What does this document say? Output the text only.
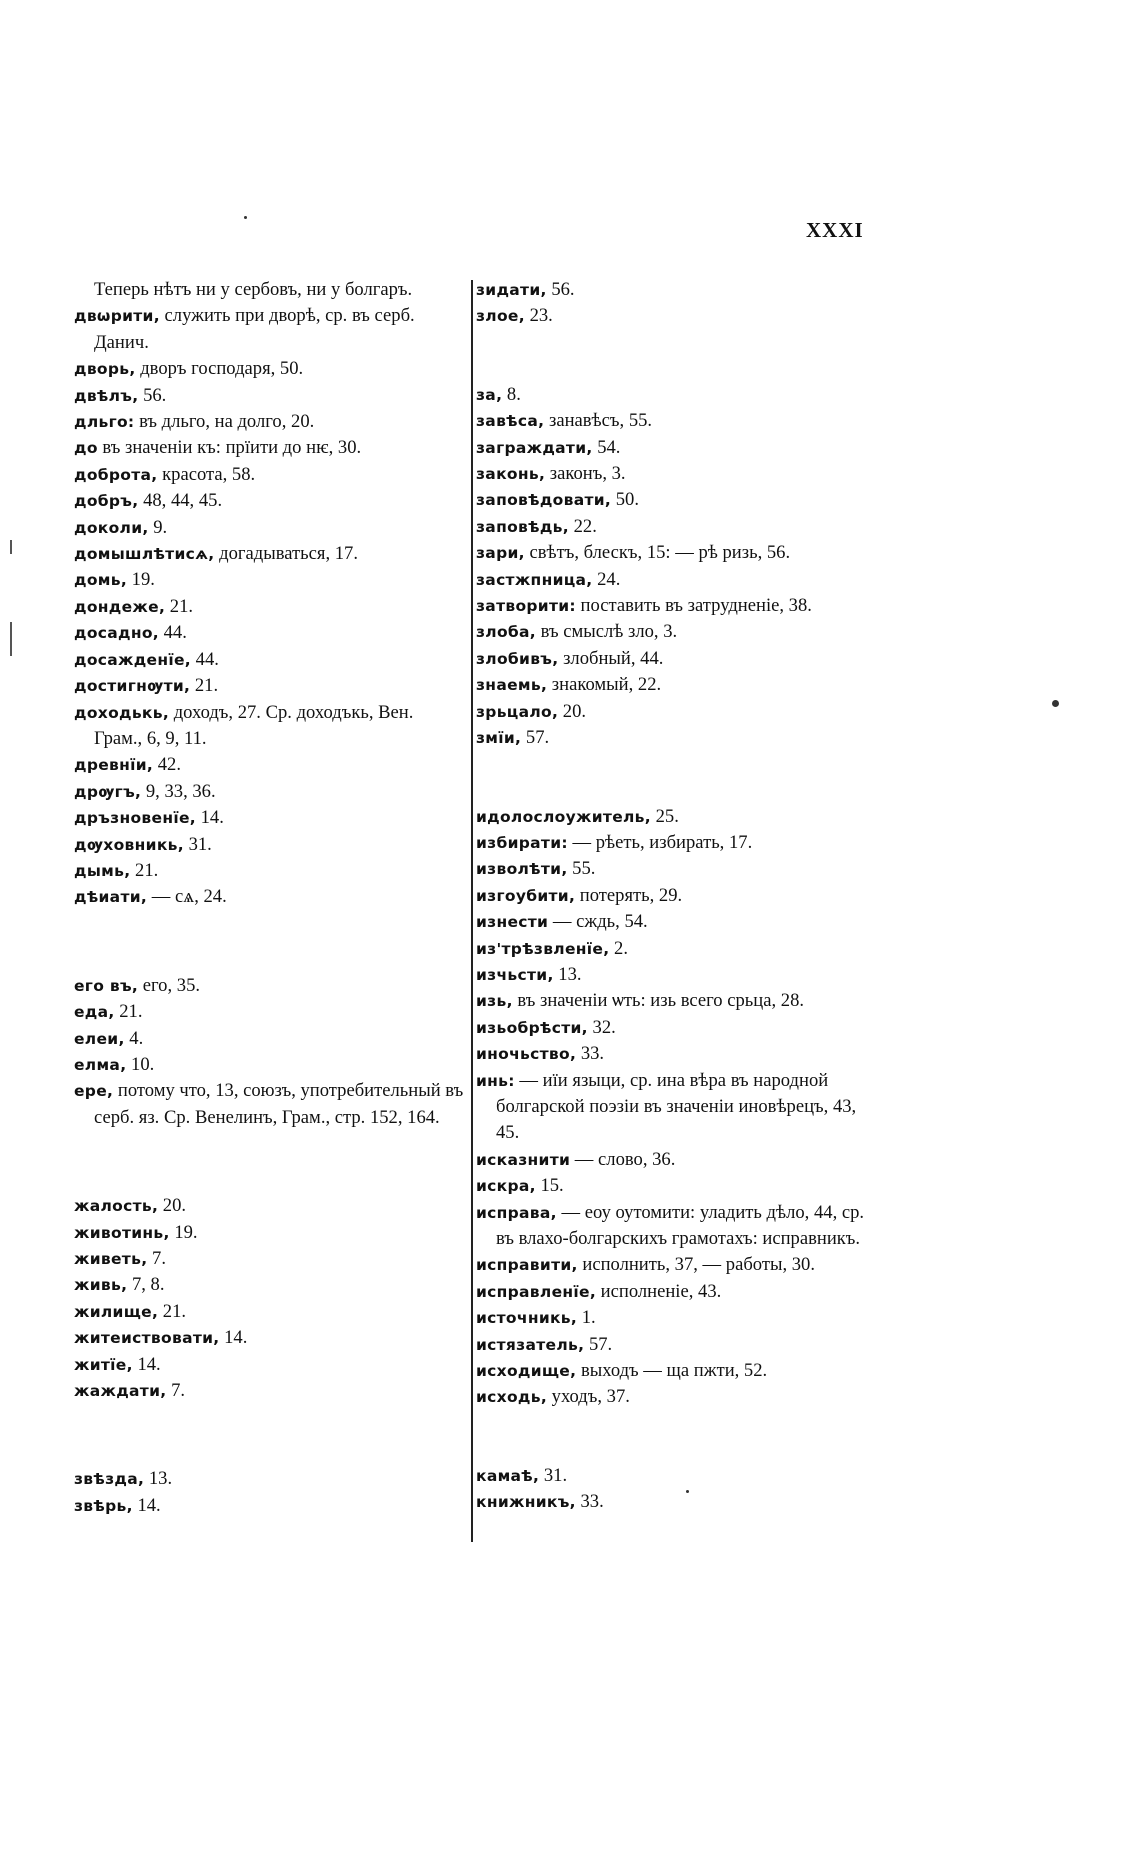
XXXI

Теперь нѣтъ ни у сербовъ, ни у болгаръ.

двѡрити, служить при дворѣ, ср. въ серб. Данич.

дворь, дворъ господаря, 50.

двѣлъ, 56.

дльго: въ дльго, на долго, 20.

до въ значеніи къ: прїити до нѥ, 30.

доброта, красота, 58.

добръ, 48, 44, 45.

доколи, 9.

домышлѣтисѧ, догадываться, 17.

домь, 19.

дондеже, 21.

досадно, 44.

досажденїе, 44.

достигнѹти, 21.

доходькь, доходъ, 27. Ср. доходъкь, Вен. Грам., 6, 9, 11.

древнїи, 42.

дрѹгъ, 9, 33, 36.

дръзновенїе, 14.

дѹховникь, 31.

дымь, 21.

дѣиати, — сѧ, 24.

его въ, его, 35.

еда, 21.

елеи, 4.

елма, 10.

ере, потому что, 13, союзъ, употребительный въ серб. яз. Ср. Венелинъ, Грам., стр. 152, 164.

жалость, 20.

животинь, 19.

живеть, 7.

живь, 7, 8.

жилище, 21.

житеиствовати, 14.

житїе, 14.

жаждати, 7.

звѣзда, 13.

звѣрь, 14.

зидати, 56.

злое, 23.

за, 8.

завѣса, занавѣсъ, 55.

заграждати, 54.

законь, законъ, 3.

заповѣдовати, 50.

заповѣдь, 22.

зари, свѣтъ, блескъ, 15: — рѣ ризь, 56.

застжпница, 24.

затворити: поставить въ затрудненіе, 38.

злоба, въ смыслѣ зло, 3.

злобивъ, злобный, 44.

знаемь, знакомый, 22.

зрьцало, 20.

змїи, 57.

идолослоужитель, 25.

избирати: — рѣеть, избирать, 17.

изволѣти, 55.

изгоубити, потерять, 29.

изнести — сждь, 54.

из'трѣзвленїе, 2.

изчьсти, 13.

изь, въ значеніи ѡть: изь всего срьца, 28.

изьобрѣсти, 32.

иночьство, 33.

инь: — иїи языци, ср. ина вѣра въ народной болгарской поэзіи въ значеніи иновѣрецъ, 43, 45.

исказнити — слово, 36.

искра, 15.

исправа, — еоу оутомити: уладить дѣло, 44, ср. въ влахо-болгарскихъ грамотахъ: исправникъ.

исправити, исполнить, 37, — работы, 30.

исправленїе, исполненіе, 43.

источникь, 1.

истязатель, 57.

исходище, выходъ — ща пжти, 52.

исходь, уходъ, 37.

камаѣ, 31.

книжникъ, 33.
